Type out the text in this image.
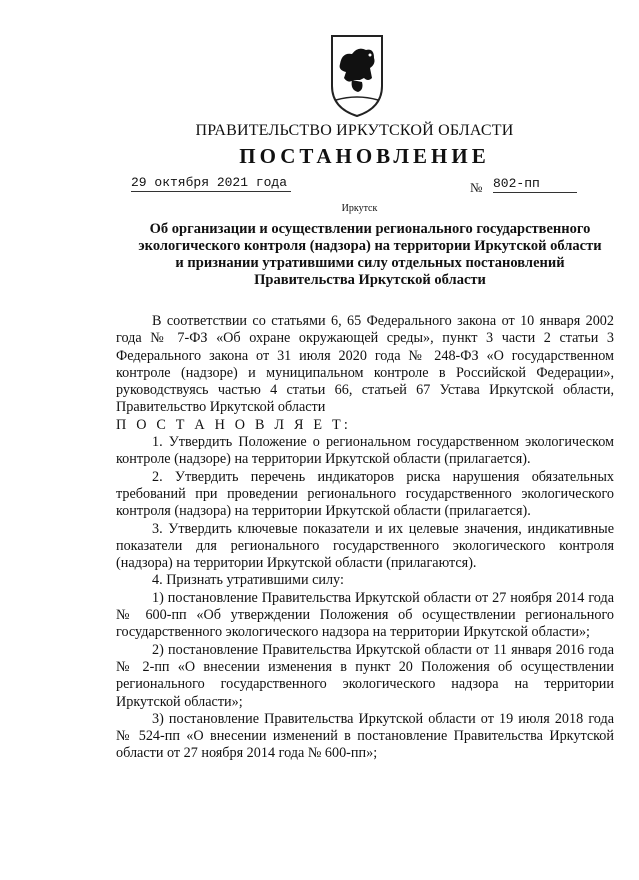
ПРАВИТЕЛЬСТВО ИРКУТСКОЙ ОБЛАСТИ
ПОСТАНОВЛЕНИЕ
29 октября 2021 года	№ 802-пп
Иркутск
Об организации и осуществлении регионального государственного
экологического контроля (надзора) на территории Иркутской области
и признании утратившими силу отдельных постановлений
Правительства Иркутской области

В соответствии со статьями 6, 65 Федерального закона от 10 января 2002 года № 7-ФЗ «Об охране окружающей среды», пункт 3 части 2 статьи 3 Федерального закона от 31 июля 2020 года № 248-ФЗ «О государственном контроле (надзоре) и муниципальном контроле в Российской Федерации», руководствуясь частью 4 статьи 66, статьей 67 Устава Иркутской области, Правительство Иркутской области

П О С Т А Н О В Л Я Е Т:

1. Утвердить Положение о региональном государственном экологическом контроле (надзоре) на территории Иркутской области (прилагается).

2. Утвердить перечень индикаторов риска нарушения обязательных требований при проведении регионального государственного экологического контроля (надзора) на территории Иркутской области (прилагается).

3. Утвердить ключевые показатели и их целевые значения, индикативные показатели для регионального государственного экологического контроля (надзора) на территории Иркутской области (прилагаются).

4. Признать утратившими силу:

1) постановление Правительства Иркутской области от 27 ноября 2014 года № 600-пп «Об утверждении Положения об осуществлении регионального государственного экологического надзора на территории Иркутской области»;

2) постановление Правительства Иркутской области от 11 января 2016 года № 2-пп «О внесении изменения в пункт 20 Положения об осуществлении регионального государственного экологического надзора на территории Иркутской области»;

3) постановление Правительства Иркутской области от 19 июля 2018 года № 524-пп «О внесении изменений в постановление Правительства Иркутской области от 27 ноября 2014 года № 600-пп»;
